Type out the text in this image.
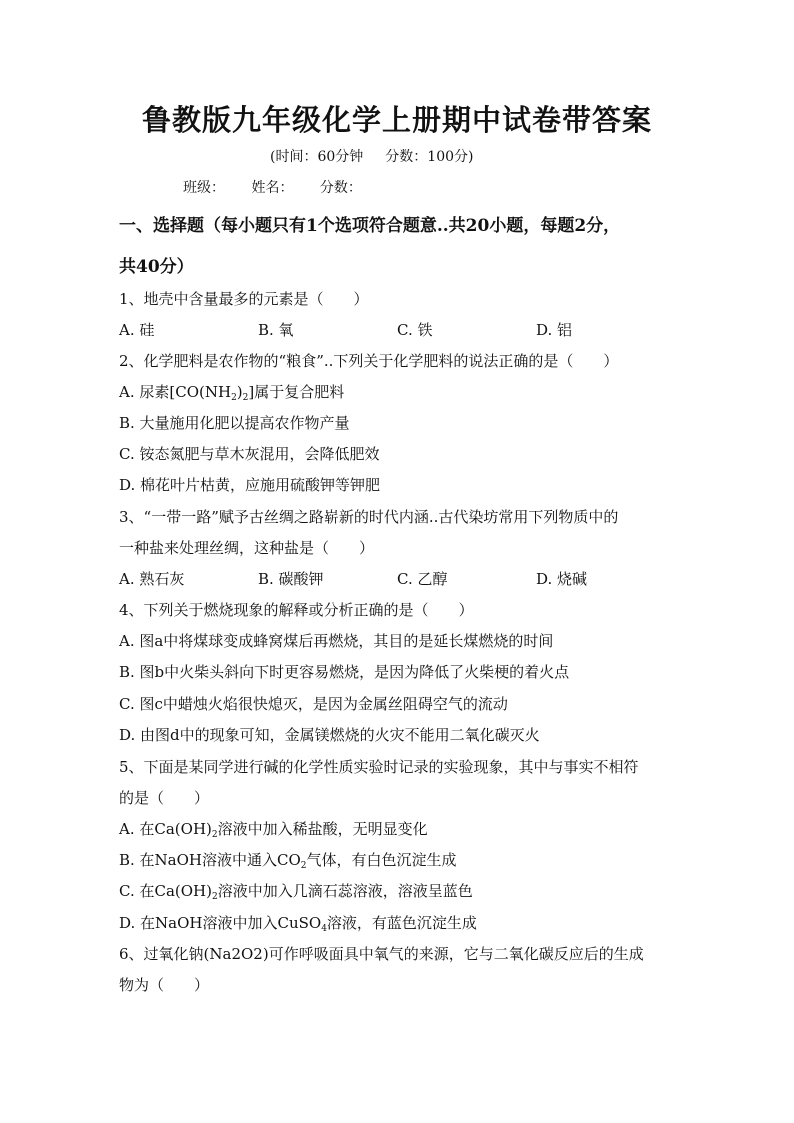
鲁教版九年级化学上册期中试卷带答案
(时间：60分钟 分数：100分)
班级： 姓名： 分数：
一、选择题（每小题只有1个选项符合题意..共20小题，每题2分，
共40分）
1、地壳中含量最多的元素是（　　）
A. 硅	B. 氧	C. 铁	D. 铝
2、化学肥料是农作物的“粮食”..下列关于化学肥料的说法正确的是（　　）
A. 尿素$[CO(NH_2)_2]$属于复合肥料
B. 大量施用化肥以提高农作物产量
C. 铵态氮肥与草木灰混用，会降低肥效
D. 棉花叶片枯黄，应施用硫酸钾等钾肥
3、“一带一路”赋予古丝绸之路崭新的时代内涵..古代染坊常用下列物质中的
一种盐来处理丝绸，这种盐是（　　）
A. 熟石灰	B. 碳酸钾	C. 乙醇	D. 烧碱
4、下列关于燃烧现象的解释或分析正确的是（　　）
A. 图a中将煤球变成蜂窝煤后再燃烧，其目的是延长煤燃烧的时间
B. 图b中火柴头斜向下时更容易燃烧，是因为降低了火柴梗的着火点
C. 图c中蜡烛火焰很快熄灭，是因为金属丝阻碍空气的流动
D. 由图d中的现象可知，金属镁燃烧的火灾不能用二氧化碳灭火
5、下面是某同学进行碱的化学性质实验时记录的实验现象，其中与事实不相符
的是（　　）
A. 在$Ca(OH)_2$溶液中加入稀盐酸，无明显变化
B. 在NaOH溶液中通入$CO_2$气体，有白色沉淀生成
C. 在$Ca(OH)_2$溶液中加入几滴石蕊溶液，溶液呈蓝色
D. 在NaOH溶液中加入CuSO$_4$溶液，有蓝色沉淀生成
6、过氧化钠(Na2O2)可作呼吸面具中氧气的来源，它与二氧化碳反应后的生成
物为（　　）
